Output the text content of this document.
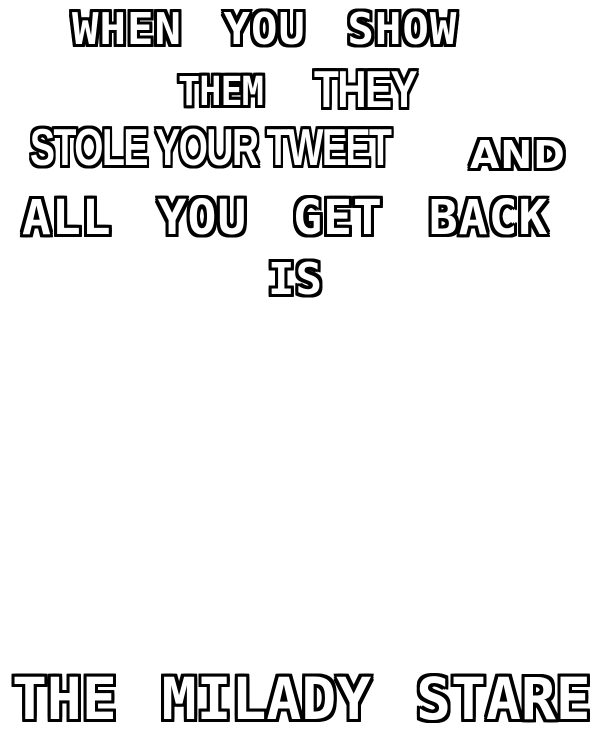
WHEN YOU SHOW
THEM THEY
STOLE YOUR TWEET AND
ALL YOU GET BACK
IS
THE MILADY STARE
